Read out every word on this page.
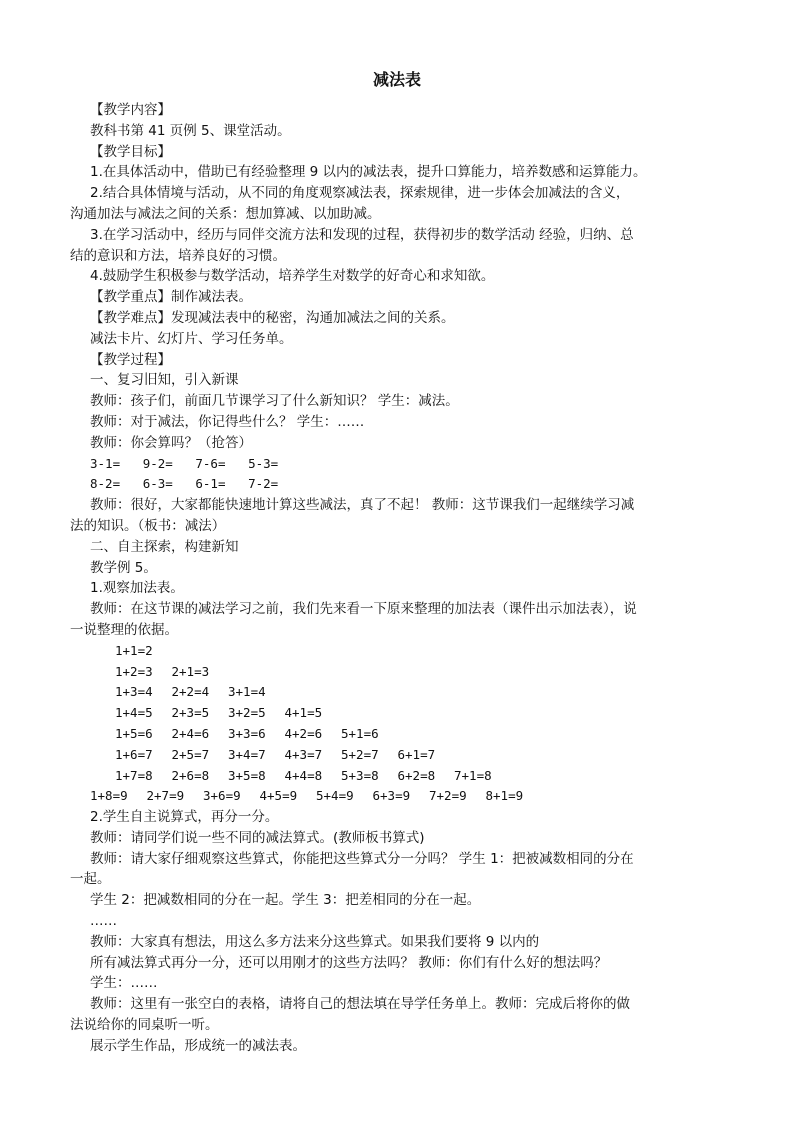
减法表
【教学内容】
教科书第 41 页例 5、课堂活动。
【教学目标】
1.在具体活动中，借助已有经验整理 9 以内的减法表，提升口算能力，培养数感和运算能力。
2.结合具体情境与活动，从不同的角度观察减法表，探索规律，进一步体会加减法的含义，
沟通加法与减法之间的关系：想加算减、以加助减。
3.在学习活动中，经历与同伴交流方法和发现的过程，获得初步的数学活动 经验，归纳、总
结的意识和方法，培养良好的习惯。
4.鼓励学生积极参与数学活动，培养学生对数学的好奇心和求知欲。
【教学重点】制作减法表。
【教学难点】发现减法表中的秘密，沟通加减法之间的关系。
减法卡片、幻灯片、学习任务单。
【教学过程】
一、复习旧知，引入新课
教师：孩子们，前面几节课学习了什么新知识？ 学生：减法。
教师：对于减法，你记得些什么？ 学生：……
教师：你会算吗？（抢答）
3-1= 9-2= 7-6= 5-3=
8-2= 6-3= 6-1= 7-2=
教师：很好，大家都能快速地计算这些减法，真了不起！ 教师：这节课我们一起继续学习减
法的知识。（板书：减法）
二、自主探索，构建新知
教学例 5。
1.观察加法表。
教师：在这节课的减法学习之前，我们先来看一下原来整理的加法表（课件出示加法表），说
一说整理的依据。
1+1=2
1+2=3 2+1=3
1+3=4 2+2=4 3+1=4
1+4=5 2+3=5 3+2=5 4+1=5
1+5=6 2+4=6 3+3=6 4+2=6 5+1=6
1+6=7 2+5=7 3+4=7 4+3=7 5+2=7 6+1=7
1+7=8 2+6=8 3+5=8 4+4=8 5+3=8 6+2=8 7+1=8
1+8=9 2+7=9 3+6=9 4+5=9 5+4=9 6+3=9 7+2=9 8+1=9
2.学生自主说算式，再分一分。
教师：请同学们说一些不同的减法算式。(教师板书算式)
教师：请大家仔细观察这些算式，你能把这些算式分一分吗？ 学生 1：把被减数相同的分在
一起。
学生 2：把减数相同的分在一起。学生 3：把差相同的分在一起。
……
教师：大家真有想法，用这么多方法来分这些算式。如果我们要将 9 以内的
所有减法算式再分一分，还可以用刚才的这些方法吗？ 教师：你们有什么好的想法吗？
学生：……
教师：这里有一张空白的表格，请将自己的想法填在导学任务单上。教师：完成后将你的做
法说给你的同桌听一听。
展示学生作品，形成统一的减法表。
